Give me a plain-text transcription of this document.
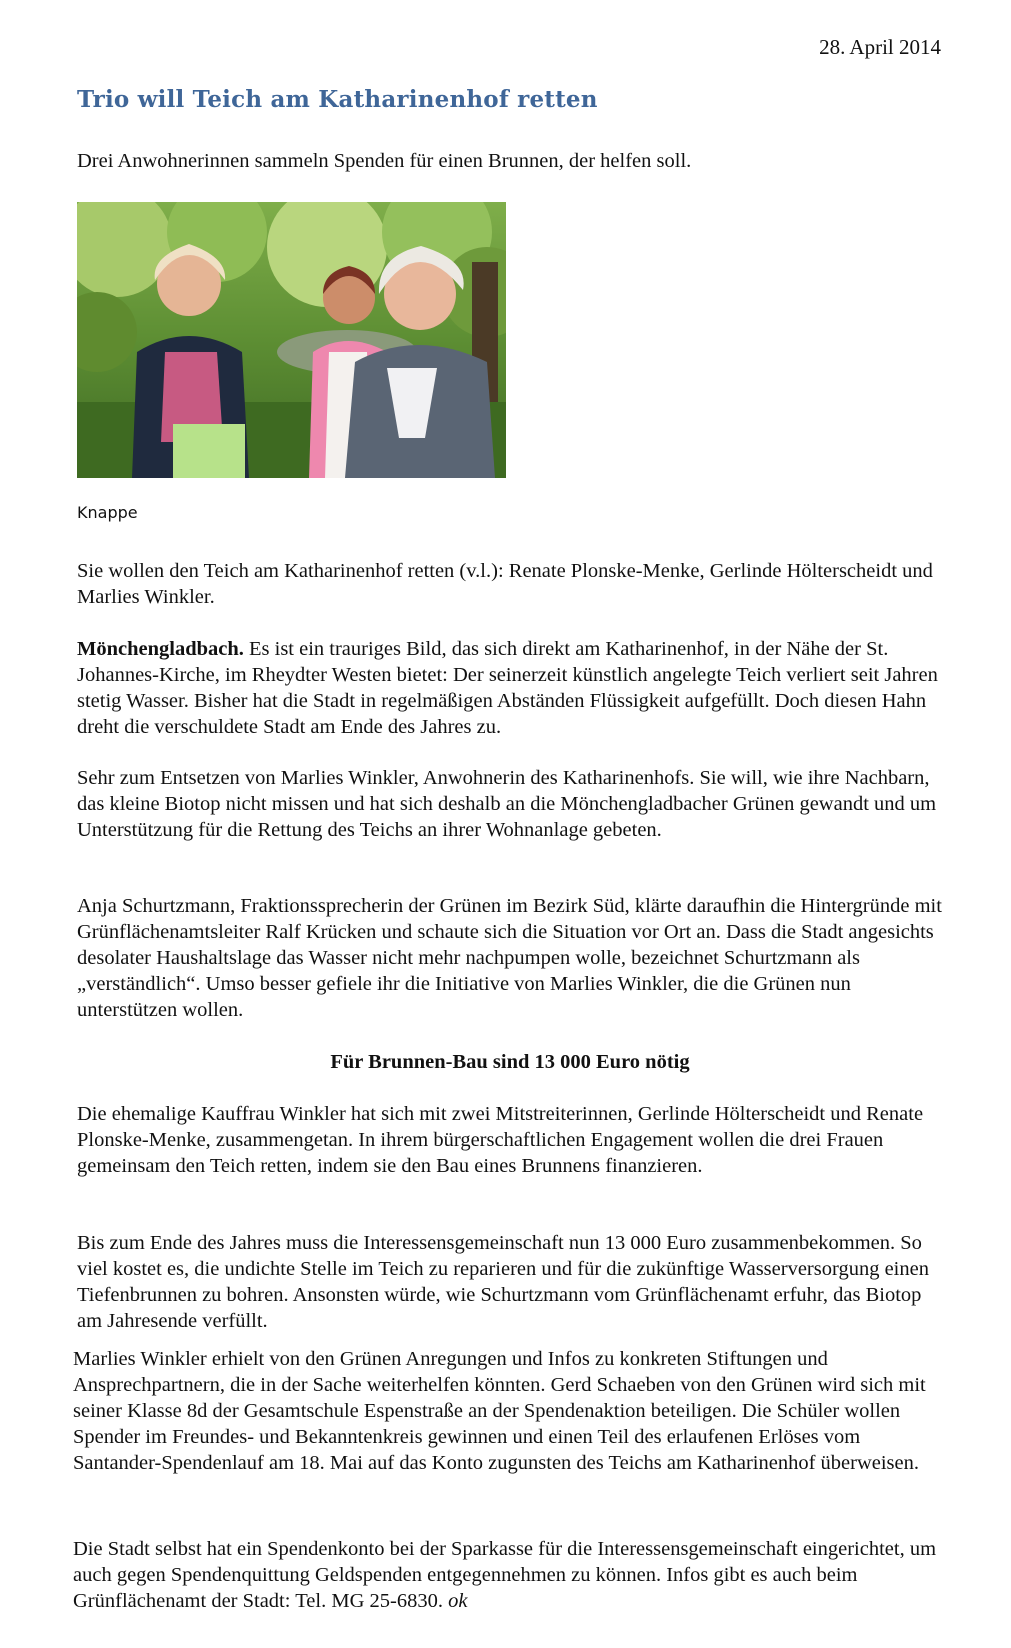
28. April 2014
Trio will Teich am Katharinenhof retten

Drei Anwohnerinnen sammeln Spenden für einen Brunnen, der helfen soll.

Knappe

Sie wollen den Teich am Katharinenhof retten (v.l.): Renate Plonske-Menke, Gerlinde Hölterscheidt und Marlies Winkler.

Mönchengladbach. Es ist ein trauriges Bild, das sich direkt am Katharinenhof, in der Nähe der St. Johannes-Kirche, im Rheydter Westen bietet: Der seinerzeit künstlich angelegte Teich verliert seit Jahren stetig Wasser. Bisher hat die Stadt in regelmäßigen Abständen Flüssigkeit aufgefüllt. Doch diesen Hahn dreht die verschuldete Stadt am Ende des Jahres zu.

Sehr zum Entsetzen von Marlies Winkler, Anwohnerin des Katharinenhofs. Sie will, wie ihre Nachbarn, das kleine Biotop nicht missen und hat sich deshalb an die Mönchengladbacher Grünen gewandt und um Unterstützung für die Rettung des Teichs an ihrer Wohnanlage gebeten.

Anja Schurtzmann, Fraktionssprecherin der Grünen im Bezirk Süd, klärte daraufhin die Hintergründe mit Grünflächenamtsleiter Ralf Krücken und schaute sich die Situation vor Ort an. Dass die Stadt angesichts desolater Haushaltslage das Wasser nicht mehr nachpumpen wolle, bezeichnet Schurtzmann als „verständlich“. Umso besser gefiele ihr die Initiative von Marlies Winkler, die die Grünen nun unterstützen wollen.

Für Brunnen-Bau sind 13 000 Euro nötig

Die ehemalige Kauffrau Winkler hat sich mit zwei Mitstreiterinnen, Gerlinde Hölterscheidt und Renate Plonske-Menke, zusammengetan. In ihrem bürgerschaftlichen Engagement wollen die drei Frauen gemeinsam den Teich retten, indem sie den Bau eines Brunnens finanzieren.

Bis zum Ende des Jahres muss die Interessensgemeinschaft nun 13 000 Euro zusammenbekommen. So viel kostet es, die undichte Stelle im Teich zu reparieren und für die zukünftige Wasserversorgung einen Tiefenbrunnen zu bohren. Ansonsten würde, wie Schurtzmann vom Grünflächenamt erfuhr, das Biotop am Jahresende verfüllt.

Marlies Winkler erhielt von den Grünen Anregungen und Infos zu konkreten Stiftungen und Ansprechpartnern, die in der Sache weiterhelfen könnten. Gerd Schaeben von den Grünen wird sich mit seiner Klasse 8d der Gesamtschule Espenstraße an der Spendenaktion beteiligen. Die Schüler wollen Spender im Freundes- und Bekanntenkreis gewinnen und einen Teil des erlaufenen Erlöses vom Santander-Spendenlauf am 18. Mai auf das Konto zugunsten des Teichs am Katharinenhof überweisen.

Die Stadt selbst hat ein Spendenkonto bei der Sparkasse für die Interessensgemeinschaft eingerichtet, um auch gegen Spendenquittung Geldspenden entgegennehmen zu können. Infos gibt es auch beim Grünflächenamt der Stadt: Tel. MG 25-6830. ok
